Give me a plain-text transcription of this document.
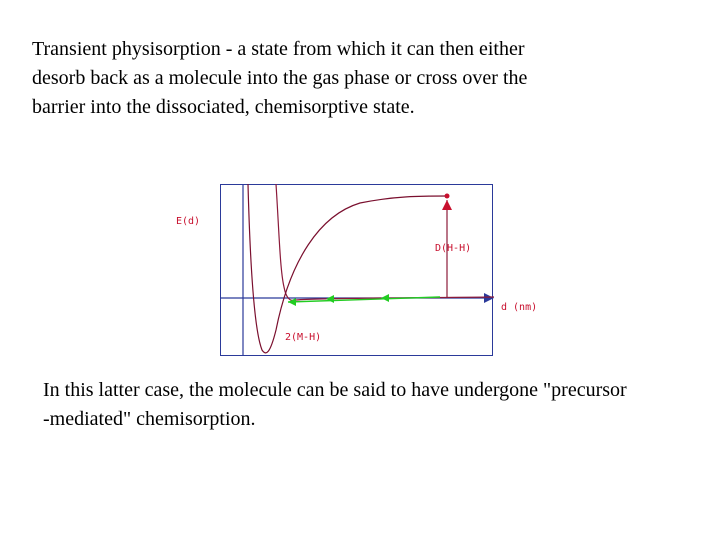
Transient physisorption - a state from which it can then either
desorb back as a molecule into the gas phase or cross over the
barrier into the dissociated, chemisorptive state.
E(d)
d (nm)
D(H-H)
2(M-H)
In this latter case, the molecule can be said to have undergone "precursor
-mediated" chemisorption.
